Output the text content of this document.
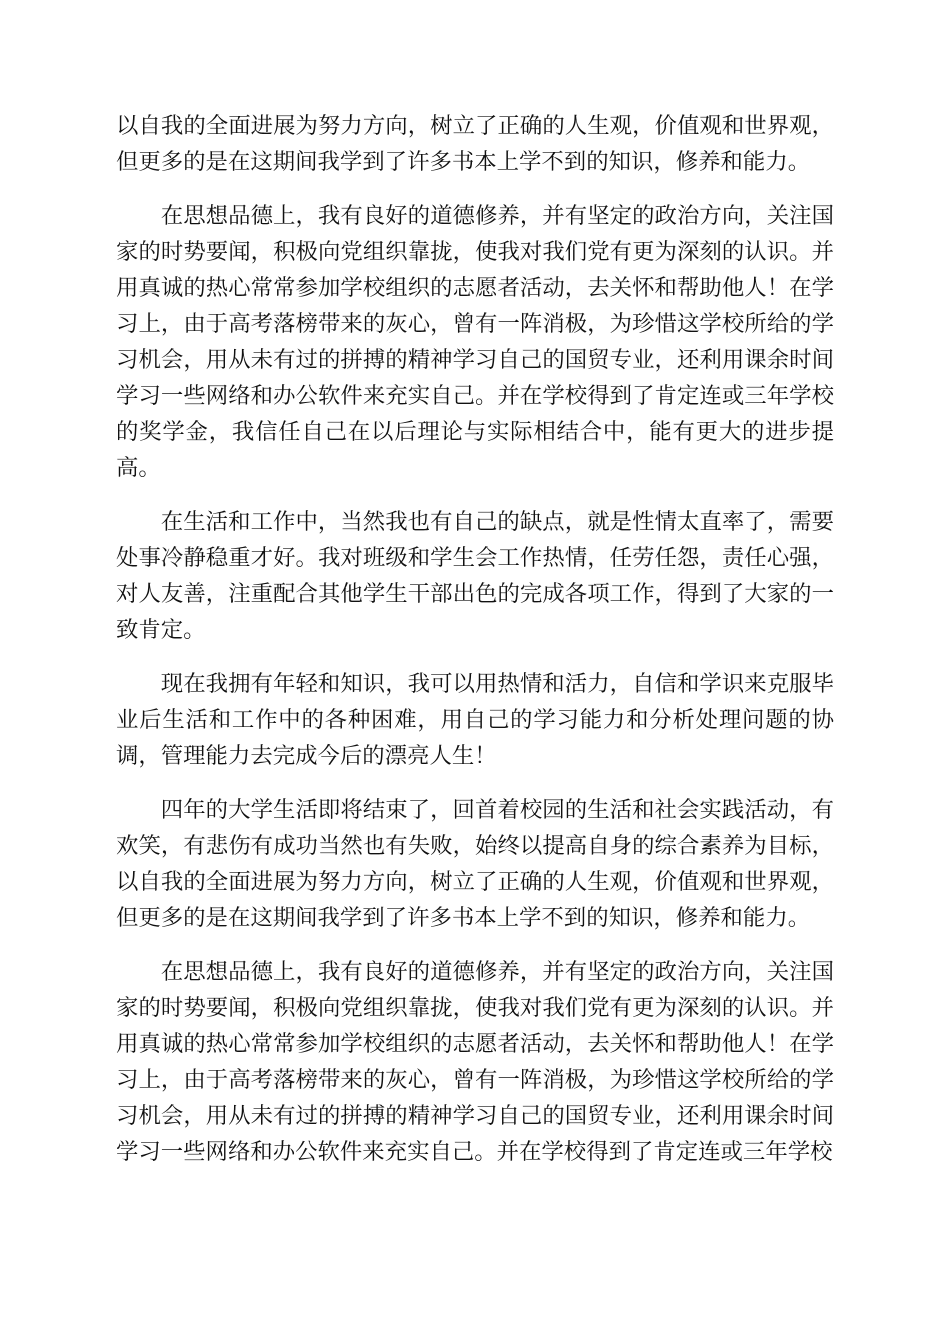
以自我的全面进展为努力方向，树立了正确的人生观，价值观和世界观，但更多的是在这期间我学到了许多书本上学不到的知识，修养和能力。

在思想品德上，我有良好的道德修养，并有坚定的政治方向，关注国家的时势要闻，积极向党组织靠拢，使我对我们党有更为深刻的认识。并用真诚的热心常常参加学校组织的志愿者活动，去关怀和帮助他人！在学习上，由于高考落榜带来的灰心，曾有一阵消极，为珍惜这学校所给的学习机会，用从未有过的拼搏的精神学习自己的国贸专业，还利用课余时间学习一些网络和办公软件来充实自己。并在学校得到了肯定连或三年学校的奖学金，我信任自己在以后理论与实际相结合中，能有更大的进步提高。

在生活和工作中，当然我也有自己的缺点，就是性情太直率了，需要处事冷静稳重才好。我对班级和学生会工作热情，任劳任怨，责任心强，对人友善，注重配合其他学生干部出色的完成各项工作，得到了大家的一致肯定。

现在我拥有年轻和知识，我可以用热情和活力，自信和学识来克服毕业后生活和工作中的各种困难，用自己的学习能力和分析处理问题的协调，管理能力去完成今后的漂亮人生！

四年的大学生活即将结束了，回首着校园的生活和社会实践活动，有欢笑，有悲伤有成功当然也有失败，始终以提高自身的综合素养为目标，以自我的全面进展为努力方向，树立了正确的人生观，价值观和世界观，但更多的是在这期间我学到了许多书本上学不到的知识，修养和能力。

在思想品德上，我有良好的道德修养，并有坚定的政治方向，关注国家的时势要闻，积极向党组织靠拢，使我对我们党有更为深刻的认识。并用真诚的热心常常参加学校组织的志愿者活动，去关怀和帮助他人！在学习上，由于高考落榜带来的灰心，曾有一阵消极，为珍惜这学校所给的学习机会，用从未有过的拼搏的精神学习自己的国贸专业，还利用课余时间学习一些网络和办公软件来充实自己。并在学校得到了肯定连或三年学校
